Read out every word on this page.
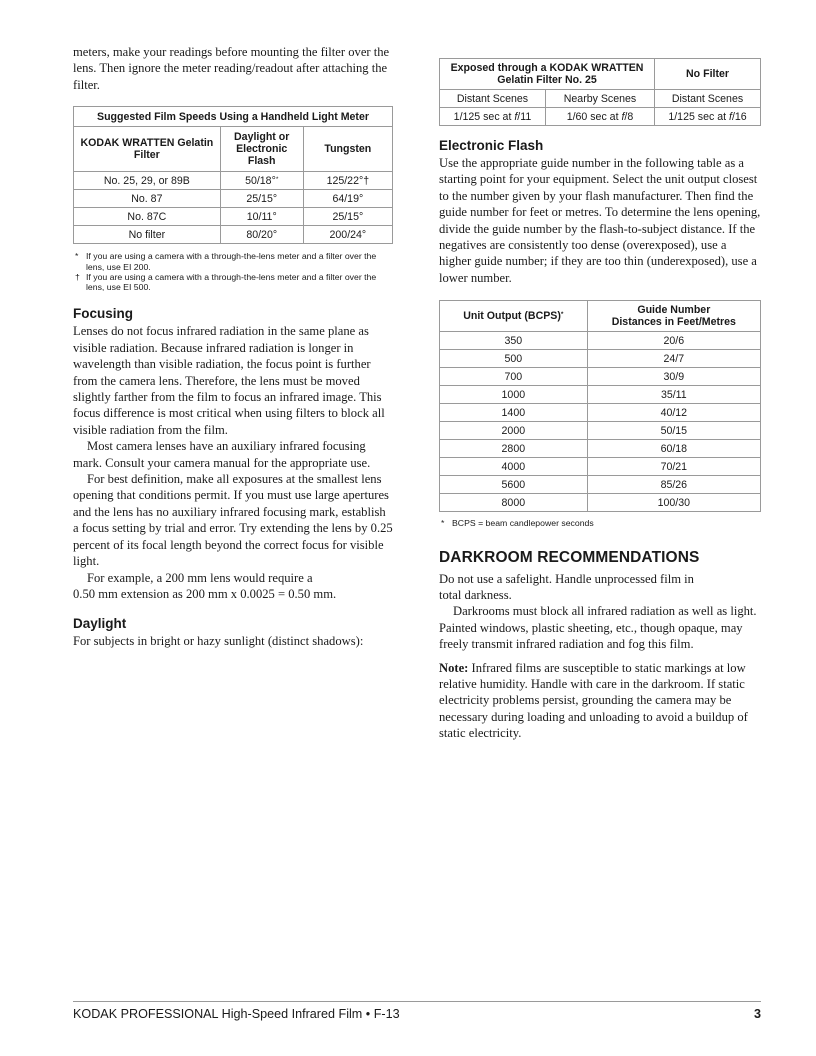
meters, make your readings before mounting the filter over the lens. Then ignore the meter reading/readout after attaching the filter.

Suggested Film Speeds Using a Handheld Light Meter		
KODAK WRATTEN Gelatin Filter	Daylight or Electronic Flash	Tungsten
No. 25, 29, or 89B	50/18°*	125/22°†
No. 87	25/15°	64/19°
No. 87C	10/11°	25/15°
No filter	80/20°	200/24°
* If you are using a camera with a through-the-lens meter and a filter over the lens, use EI 200.
† If you are using a camera with a through-the-lens meter and a filter over the lens, use EI 500.
Focusing

Lenses do not focus infrared radiation in the same plane as visible radiation. Because infrared radiation is longer in wavelength than visible radiation, the focus point is further from the camera lens. Therefore, the lens must be moved slightly farther from the film to focus an infrared image. This focus difference is most critical when using filters to block all visible radiation from the film.

Most camera lenses have an auxiliary infrared focusing mark. Consult your camera manual for the appropriate use.

For best definition, make all exposures at the smallest lens opening that conditions permit. If you must use large apertures and the lens has no auxiliary infrared focusing mark, establish a focus setting by trial and error. Try extending the lens by 0.25 percent of its focal length beyond the correct focus for visible light.

For example, a 200 mm lens would require a

0.50 mm extension as 200 mm x 0.0025 = 0.50 mm.

Daylight

For subjects in bright or hazy sunlight (distinct shadows):

Exposed through a KODAK WRATTEN Gelatin Filter No. 25		No Filter
Distant Scenes	Nearby Scenes	Distant Scenes
1/125 sec at f/11	1/60 sec at f/8	1/125 sec at f/16
Electronic Flash

Use the appropriate guide number in the following table as a starting point for your equipment. Select the unit output closest to the number given by your flash manufacturer. Then find the guide number for feet or metres. To determine the lens opening, divide the guide number by the flash-to-subject distance. If the negatives are consistently too dense (overexposed), use a higher guide number; if they are too thin (underexposed), use a lower number.

Unit Output (BCPS)*	Guide Number
Distances in Feet/Metres
350	20/6
500	24/7
700	30/9
1000	35/11
1400	40/12
2000	50/15
2800	60/18
4000	70/21
5600	85/26
8000	100/30
* BCPS = beam candlepower seconds
DARKROOM RECOMMENDATIONS

Do not use a safelight. Handle unprocessed film in
total darkness.

Darkrooms must block all infrared radiation as well as light. Painted windows, plastic sheeting, etc., though opaque, may freely transmit infrared radiation and fog this film.

Note: Infrared films are susceptible to static markings at low relative humidity. Handle with care in the darkroom. If static electricity problems persist, grounding the camera may be necessary during loading and unloading to avoid a buildup of static electricity.

KODAK PROFESSIONAL High-Speed Infrared Film • F-13	3
